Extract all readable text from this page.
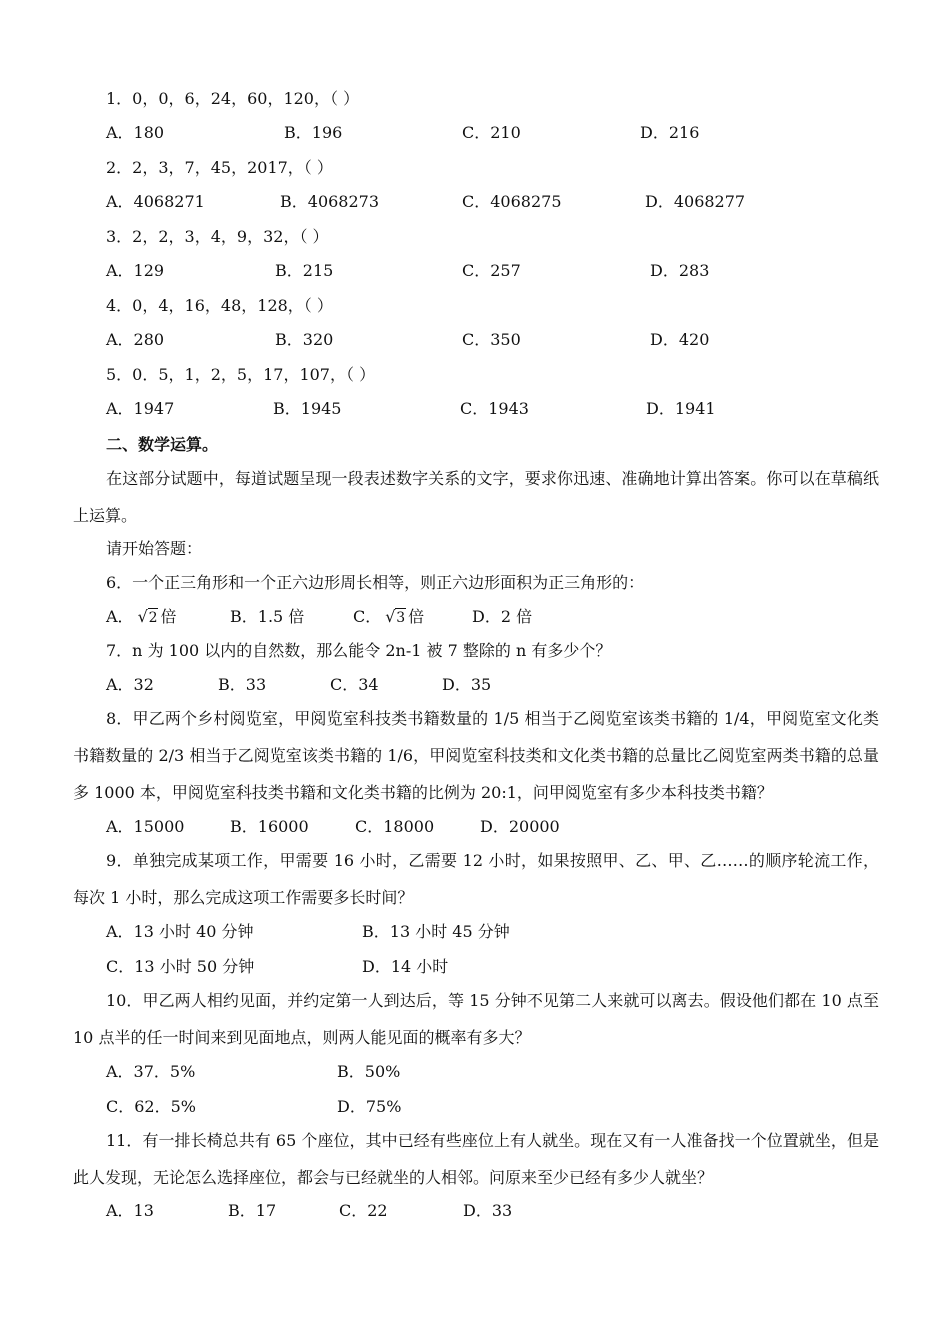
1．0，0，6，24，60，120，（ ）
A．180	B．196	C．210	D．216
2．2，3，7，45，2017，（ ）
A．4068271	B．4068273	C．4068275	D．4068277
3．2，2，3，4，9，32，（ ）
A．129	B．215	C．257	D．283
4．0，4，16，48，128，（ ）
A．280	B．320	C．350	D．420
5．0．5，1，2，5，17，107，（ ）
A．1947	B．1945	C．1943	D．1941
二、数学运算。
在这部分试题中，每道试题呈现一段表述数字关系的文字，要求你迅速、准确地计算出答案。你可以在草稿纸上运算。
请开始答题：
6．一个正三角形和一个正六边形周长相等，则正六边形面积为正三角形的：
A． √ 2 倍	B．1.5 倍	C． √ 3 倍	D．2 倍
7．n 为 100 以内的自然数，那么能令 2n-1 被 7 整除的 n 有多少个？
A．32	B．33	C．34	D．35
8．甲乙两个乡村阅览室，甲阅览室科技类书籍数量的 1/5 相当于乙阅览室该类书籍的 1/4，甲阅览室文化类书籍数量的 2/3 相当于乙阅览室该类书籍的 1/6，甲阅览室科技类和文化类书籍的总量比乙阅览室两类书籍的总量多 1000 本，甲阅览室科技类书籍和文化类书籍的比例为 20:1，问甲阅览室有多少本科技类书籍？
A．15000	B．16000	C．18000	D．20000
9．单独完成某项工作，甲需要 16 小时，乙需要 12 小时，如果按照甲、乙、甲、乙……的顺序轮流工作，每次 1 小时，那么完成这项工作需要多长时间？
A．13 小时 40 分钟	B．13 小时 45 分钟
C．13 小时 50 分钟	D．14 小时
10．甲乙两人相约见面，并约定第一人到达后，等 15 分钟不见第二人来就可以离去。假设他们都在 10 点至 10 点半的任一时间来到见面地点，则两人能见面的概率有多大？
A．37．5%	B．50%
C．62．5%	D．75%
11．有一排长椅总共有 65 个座位，其中已经有些座位上有人就坐。现在又有一人准备找一个位置就坐，但是此人发现，无论怎么选择座位，都会与已经就坐的人相邻。问原来至少已经有多少人就坐？
A．13	B．17	C．22	D．33
